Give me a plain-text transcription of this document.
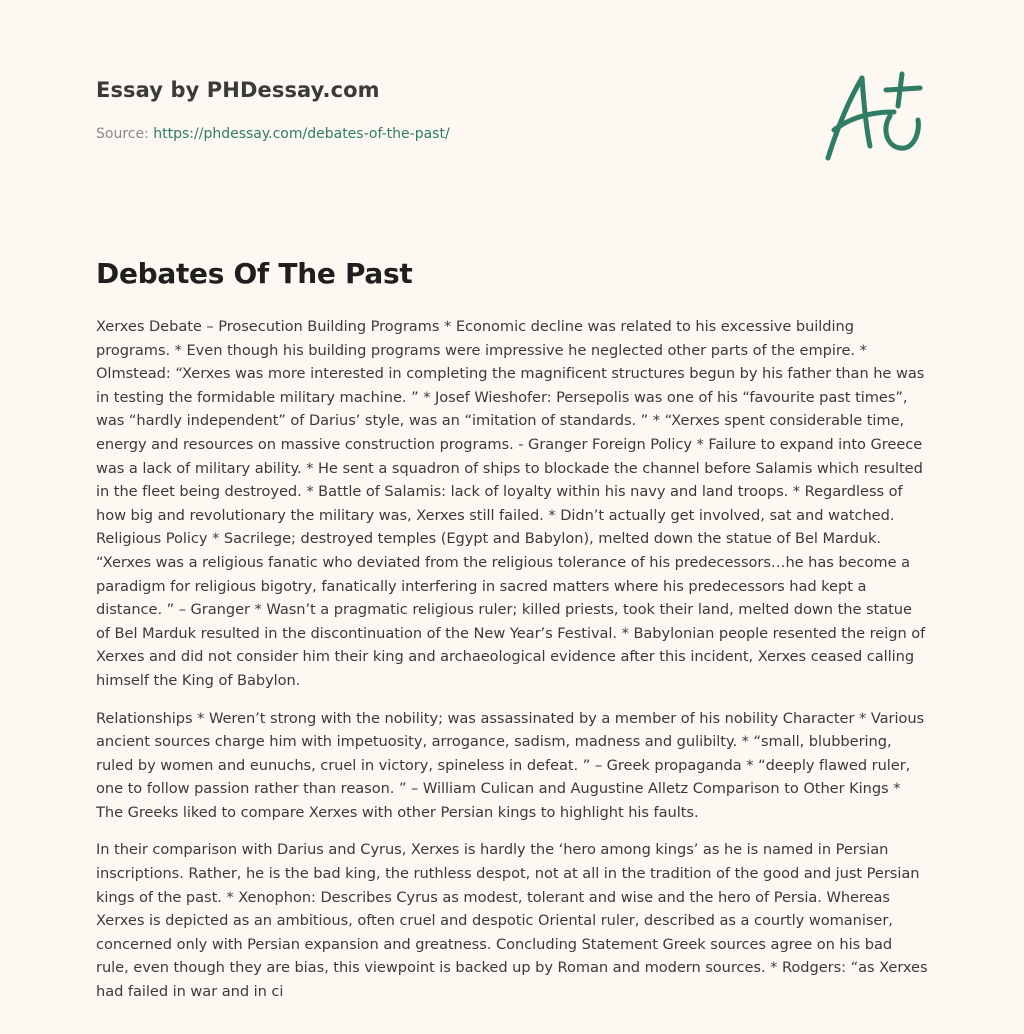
Essay by PHDessay.com
Source: https://phdessay.com/debates-of-the-past/
Debates Of The Past

Xerxes Debate – Prosecution Building Programs * Economic decline was related to his excessive building programs. * Even though his building programs were impressive he neglected other parts of the empire. * Olmstead: “Xerxes was more interested in completing the magnificent structures begun by his father than he was in testing the formidable military machine. ” * Josef Wieshofer: Persepolis was one of his “favourite past times”, was “hardly independent” of Darius’ style, was an “imitation of standards. ” * “Xerxes spent considerable time, energy and resources on massive construction programs. - Granger Foreign Policy * Failure to expand into Greece was a lack of military ability. * He sent a squadron of ships to blockade the channel before Salamis which resulted in the fleet being destroyed. * Battle of Salamis: lack of loyalty within his navy and land troops. * Regardless of how big and revolutionary the military was, Xerxes still failed. * Didn’t actually get involved, sat and watched. Religious Policy * Sacrilege; destroyed temples (Egypt and Babylon), melted down the statue of Bel Marduk. “Xerxes was a religious fanatic who deviated from the religious tolerance of his predecessors…he has become a paradigm for religious bigotry, fanatically interfering in sacred matters where his predecessors had kept a distance. ” – Granger * Wasn’t a pragmatic religious ruler; killed priests, took their land, melted down the statue of Bel Marduk resulted in the discontinuation of the New Year’s Festival. * Babylonian people resented the reign of Xerxes and did not consider him their king and archaeological evidence after this incident, Xerxes ceased calling himself the King of Babylon.

Relationships * Weren’t strong with the nobility; was assassinated by a member of his nobility Character * Various ancient sources charge him with impetuosity, arrogance, sadism, madness and gulibilty. * “small, blubbering, ruled by women and eunuchs, cruel in victory, spineless in defeat. ” – Greek propaganda * “deeply flawed ruler, one to follow passion rather than reason. ” – William Culican and Augustine Alletz Comparison to Other Kings * The Greeks liked to compare Xerxes with other Persian kings to highlight his faults.

In their comparison with Darius and Cyrus, Xerxes is hardly the ‘hero among kings’ as he is named in Persian inscriptions. Rather, he is the bad king, the ruthless despot, not at all in the tradition of the good and just Persian kings of the past. * Xenophon: Describes Cyrus as modest, tolerant and wise and the hero of Persia. Whereas Xerxes is depicted as an ambitious, often cruel and despotic Oriental ruler, described as a courtly womaniser, concerned only with Persian expansion and greatness. Concluding Statement Greek sources agree on his bad rule, even though they are bias, this viewpoint is backed up by Roman and modern sources. * Rodgers: “as Xerxes had failed in war and in ci
